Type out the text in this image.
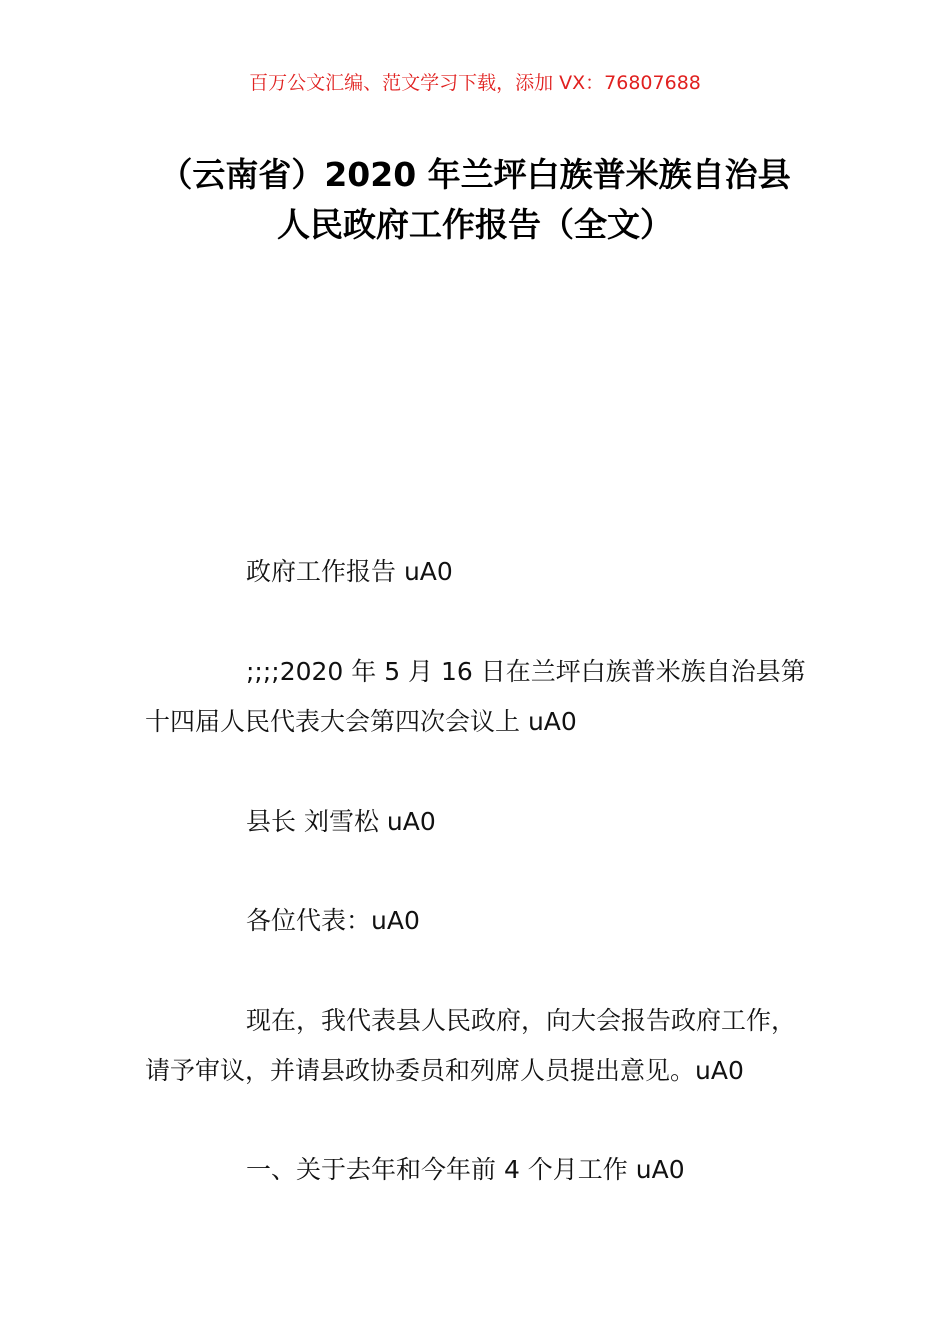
百万公文汇编、范文学习下载，添加 VX：76807688
（云南省）2020 年兰坪白族普米族自治县
人民政府工作报告（全文）
政府工作报告 uA0
;;;;2020 年 5 月 16 日在兰坪白族普米族自治县第
十四届人民代表大会第四次会议上 uA0
县长 刘雪松 uA0
各位代表：uA0
现在，我代表县人民政府，向大会报告政府工作，
请予审议，并请县政协委员和列席人员提出意见。uA0
一、关于去年和今年前 4 个月工作 uA0
